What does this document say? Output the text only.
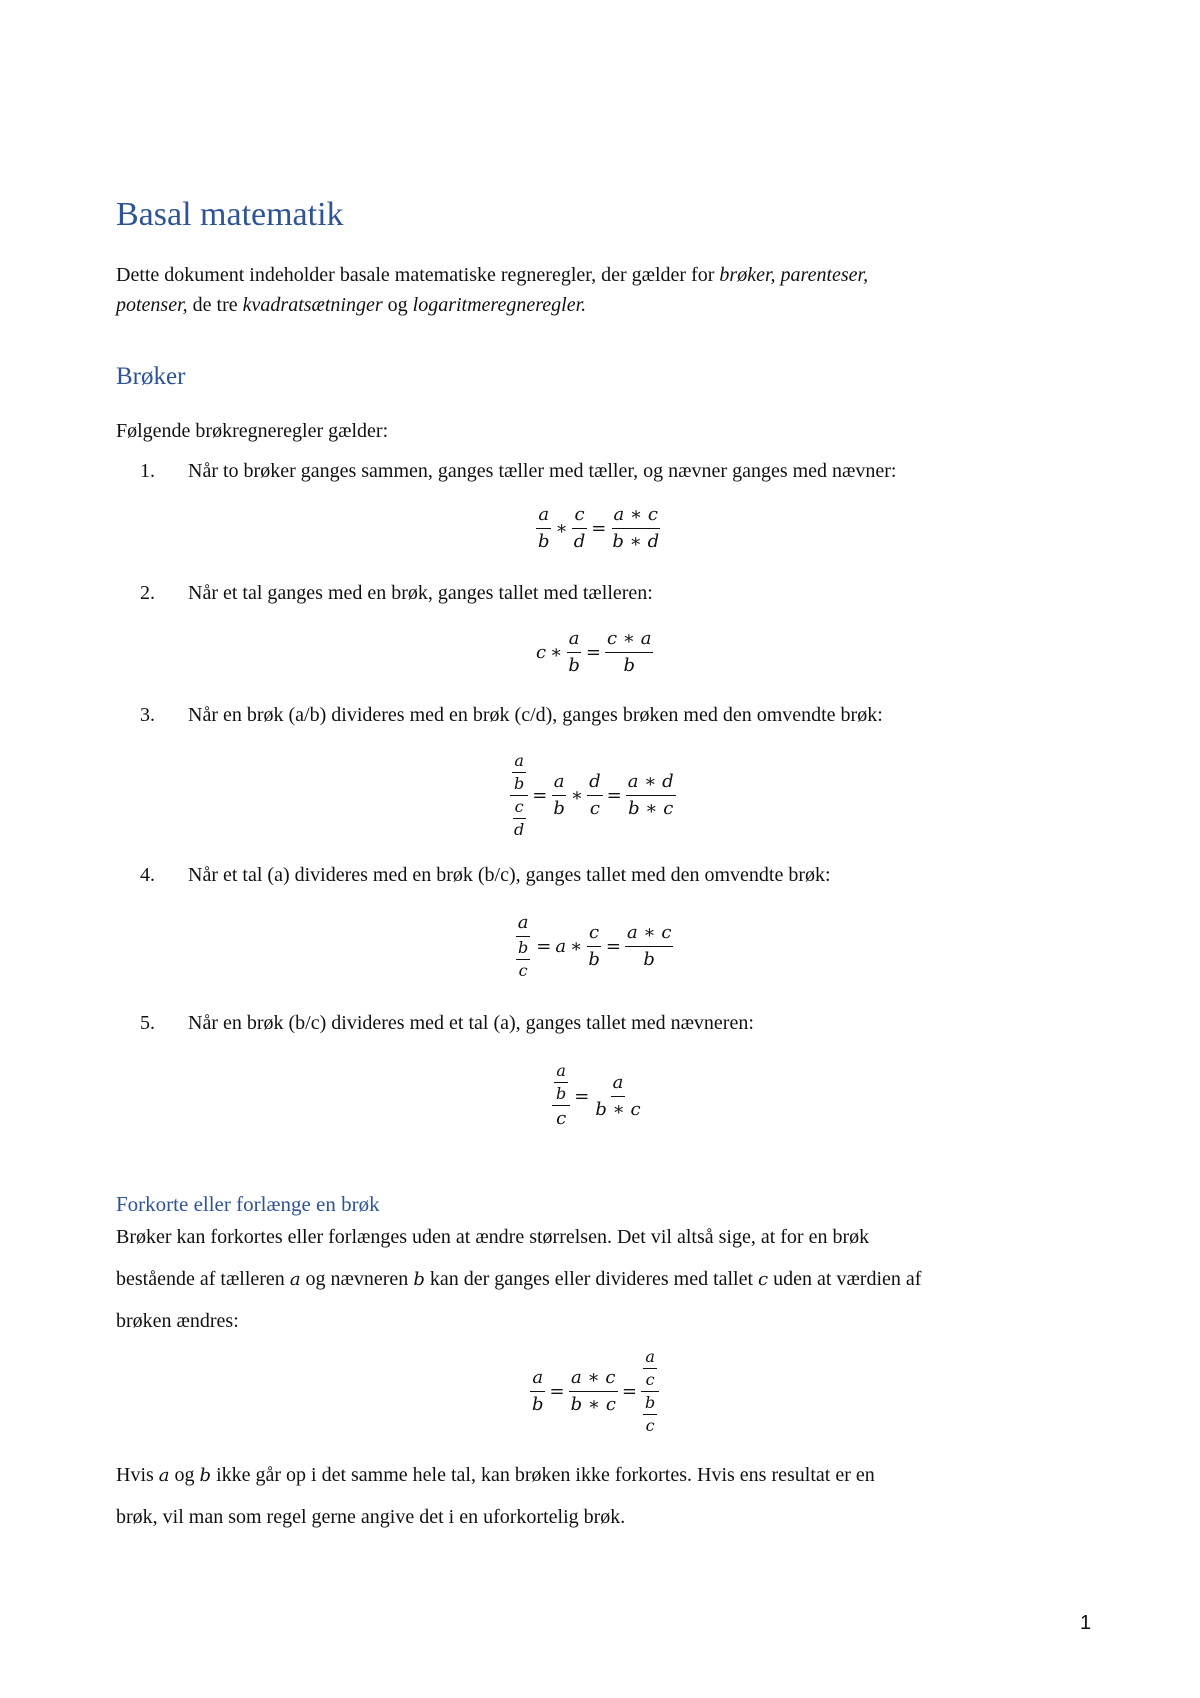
Basal matematik
Dette dokument indeholder basale matematiske regneregler, der gælder for brøker, parenteser,
potenser, de tre kvadratsætninger og logaritmeregneregler.
Brøker
Følgende brøkregneregler gælder:
1. Når to brøker ganges sammen, ganges tæller med tæller, og nævner ganges med nævner:
$\frac{a}{b}$ ∗ $\frac{c}{d} = \frac{a ∗ c}{b ∗ d}$
2. Når et tal ganges med en brøk, ganges tallet med tælleren:
c ∗ $\frac{a}{b} = \frac{c ∗ a}{b}$
3. Når en brøk (a/b) divideres med en brøk (c/d), ganges brøken med den omvendte brøk:
$\frac{\frac{a}{b}}{\frac{c}{d}} = \frac{a}{b}$ ∗ $\frac{d}{c} = \frac{a ∗ d}{b ∗ c}$
4. Når et tal (a) divideres med en brøk (b/c), ganges tallet med den omvendte brøk:
$\frac{a}{\frac{b}{c}} = a$ ∗ $\frac{c}{b} = \frac{a ∗ c}{b}$
5. Når en brøk (b/c) divideres med et tal (a), ganges tallet med nævneren:
$\frac{\frac{a}{b}}{c} = \frac{a}{b ∗ c}$
Forkorte eller forlænge en brøk
Brøker kan forkortes eller forlænges uden at ændre størrelsen. Det vil altså sige, at for en brøk
bestående af tælleren a og nævneren b kan der ganges eller divideres med tallet c uden at værdien af
brøken ændres:
$\frac{a}{b} = \frac{a ∗ c}{b ∗ c} = \frac{\frac{a}{c}}{\frac{b}{c}}$
Hvis a og b ikke går op i det samme hele tal, kan brøken ikke forkortes. Hvis ens resultat er en
brøk, vil man som regel gerne angive det i en uforkortelig brøk.
1
